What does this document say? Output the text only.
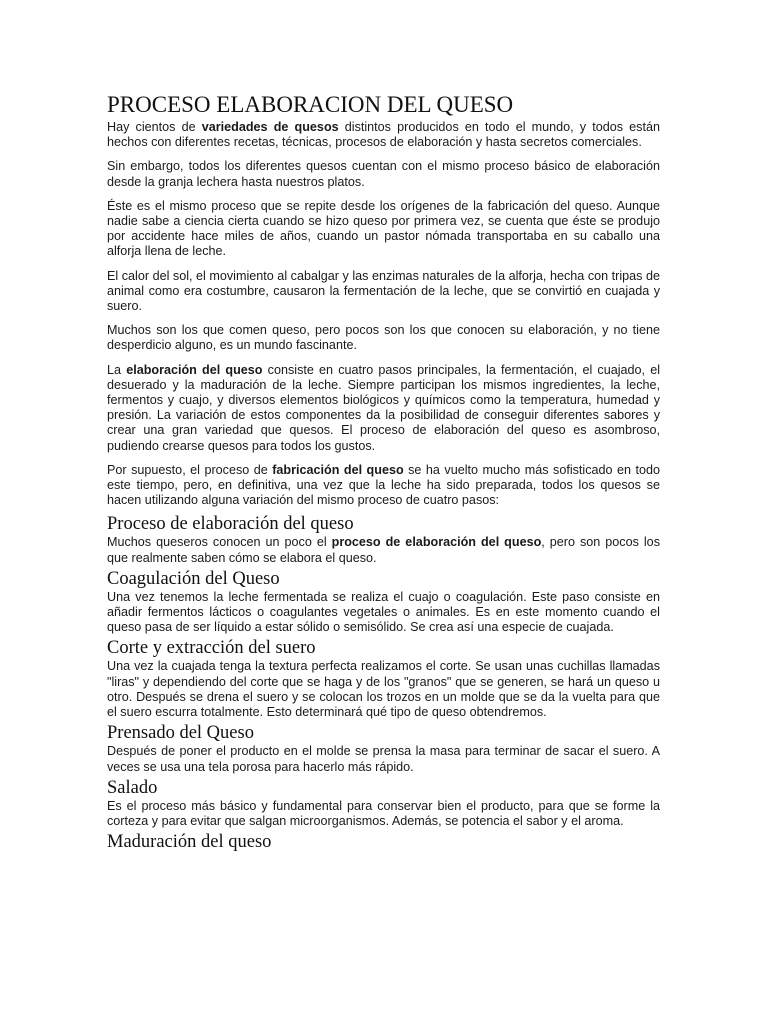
PROCESO ELABORACION DEL QUESO

Hay cientos de variedades de quesos distintos producidos en todo el mundo, y todos están hechos con diferentes recetas, técnicas, procesos de elaboración y hasta secretos comerciales.

Sin embargo, todos los diferentes quesos cuentan con el mismo proceso básico de elaboración desde la granja lechera hasta nuestros platos.

Éste es el mismo proceso que se repite desde los orígenes de la fabricación del queso. Aunque nadie sabe a ciencia cierta cuando se hizo queso por primera vez, se cuenta que éste se produjo por accidente hace miles de años, cuando un pastor nómada transportaba en su caballo una alforja llena de leche.

El calor del sol, el movimiento al cabalgar y las enzimas naturales de la alforja, hecha con tripas de animal como era costumbre, causaron la fermentación de la leche, que se convirtió en cuajada y suero.

Muchos son los que comen queso, pero pocos son los que conocen su elaboración, y no tiene desperdicio alguno, es un mundo fascinante.

La elaboración del queso consiste en cuatro pasos principales, la fermentación, el cuajado, el desuerado y la maduración de la leche. Siempre participan los mismos ingredientes, la leche, fermentos y cuajo, y diversos elementos biológicos y químicos como la temperatura, humedad y presión. La variación de estos componentes da la posibilidad de conseguir diferentes sabores y crear una gran variedad que quesos. El proceso de elaboración del queso es asombroso, pudiendo crearse quesos para todos los gustos.

Por supuesto, el proceso de fabricación del queso se ha vuelto mucho más sofisticado en todo este tiempo, pero, en definitiva, una vez que la leche ha sido preparada, todos los quesos se hacen utilizando alguna variación del mismo proceso de cuatro pasos:

Proceso de elaboración del queso

Muchos queseros conocen un poco el proceso de elaboración del queso, pero son pocos los que realmente saben cómo se elabora el queso.

Coagulación del Queso

Una vez tenemos la leche fermentada se realiza el cuajo o coagulación. Este paso consiste en añadir fermentos lácticos o coagulantes vegetales o animales. Es en este momento cuando el queso pasa de ser líquido a estar sólido o semisólido. Se crea así una especie de cuajada.

Corte y extracción del suero

Una vez la cuajada tenga la textura perfecta realizamos el corte. Se usan unas cuchillas llamadas "liras" y dependiendo del corte que se haga y de los "granos" que se generen, se hará un queso u otro. Después se drena el suero y se colocan los trozos en un molde que se da la vuelta para que el suero escurra totalmente. Esto determinará qué tipo de queso obtendremos.

Prensado del Queso

Después de poner el producto en el molde se prensa la masa para terminar de sacar el suero. A veces se usa una tela porosa para hacerlo más rápido.

Salado

Es el proceso más básico y fundamental para conservar bien el producto, para que se forme la corteza y para evitar que salgan microorganismos. Además, se potencia el sabor y el aroma.

Maduración del queso
